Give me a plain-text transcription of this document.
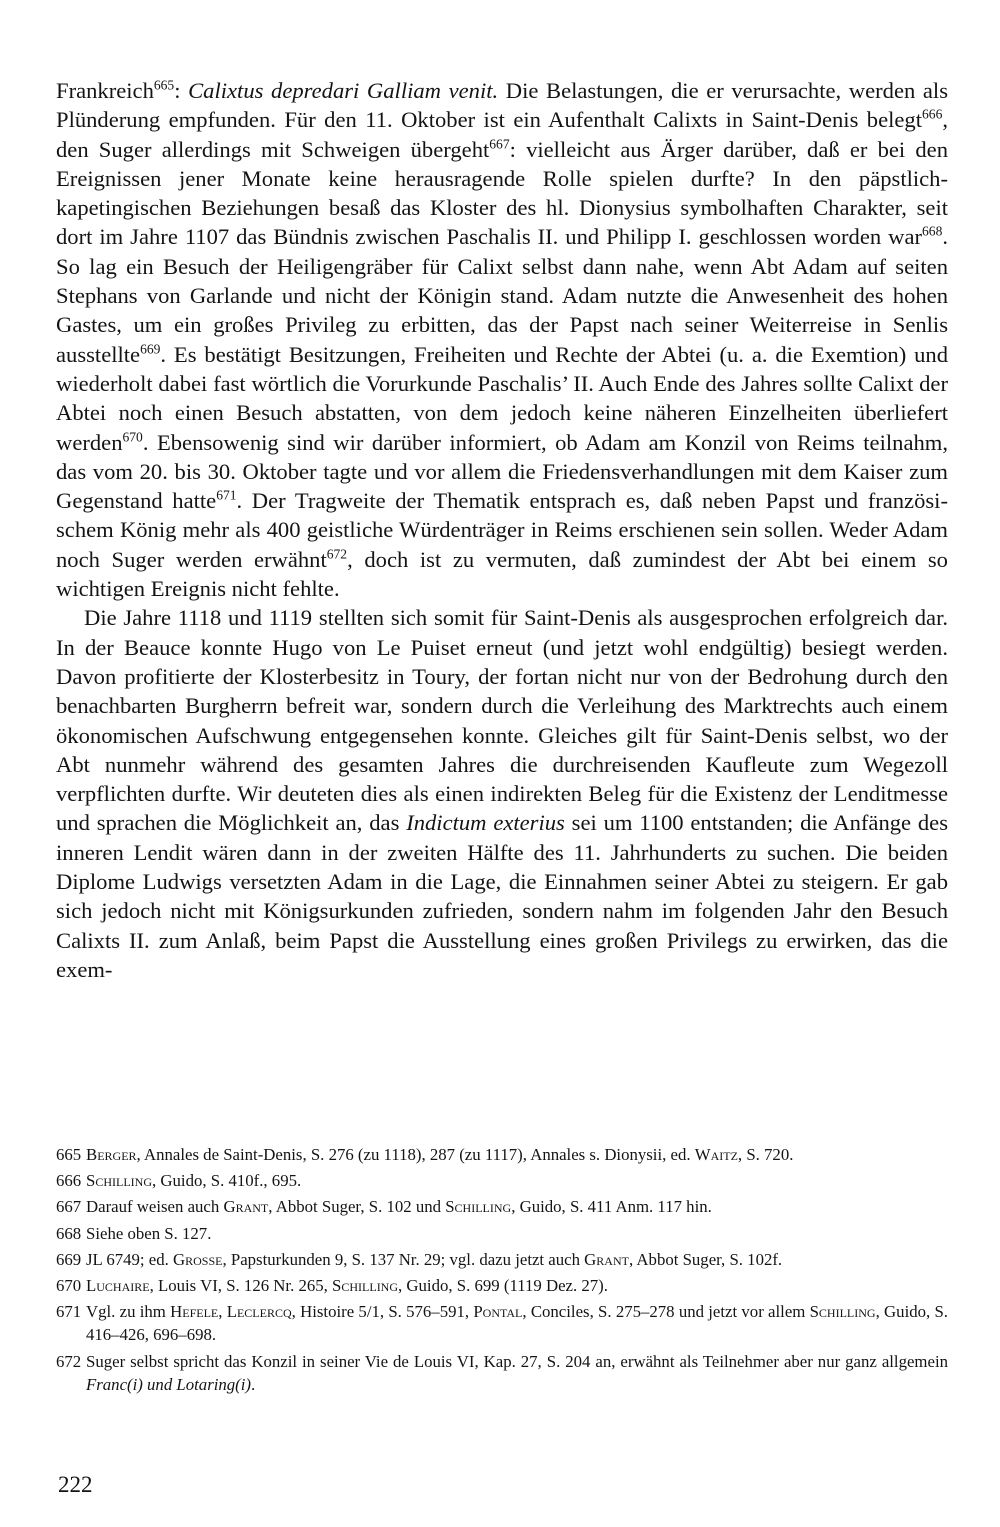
Frankreich$^{665}$: Calixtus depredari Galliam venit. Die Belastungen, die er verursachte, werden als Plünderung empfunden. Für den 11. Oktober ist ein Aufenthalt Calixts in Saint-Denis belegt$^{666}$, den Suger allerdings mit Schweigen übergeht$^{667}$: vielleicht aus Ärger darüber, daß er bei den Ereignissen jener Monate keine herausragende Rolle spielen durfte? In den päpstlich-kapetingischen Beziehungen besaß das Kloster des hl. Dionysius symbolhaften Charakter, seit dort im Jahre 1107 das Bündnis zwischen Paschalis II. und Philipp I. geschlossen worden war$^{668}$. So lag ein Besuch der Heiligengräber für Calixt selbst dann nahe, wenn Abt Adam auf seiten Stephans von Garlande und nicht der Königin stand. Adam nutzte die Anwesenheit des hohen Gastes, um ein großes Privileg zu erbitten, das der Papst nach seiner Weiterreise in Senlis ausstellte$^{669}$. Es bestätigt Besitzungen, Freiheiten und Rechte der Abtei (u. a. die Exemtion) und wiederholt dabei fast wörtlich die Vorurkunde Paschalis’ II. Auch Ende des Jahres sollte Calixt der Abtei noch einen Besuch abstatten, von dem jedoch keine näheren Einzelheiten überliefert werden$^{670}$. Ebensowenig sind wir darüber informiert, ob Adam am Konzil von Reims teilnahm, das vom 20. bis 30. Oktober tagte und vor allem die Friedensverhandlungen mit dem Kaiser zum Gegenstand hatte$^{671}$. Der Tragweite der Thematik entsprach es, daß neben Papst und französischem König mehr als 400 geistliche Würdenträger in Reims erschienen sein sollen. Weder Adam noch Suger werden erwähnt$^{672}$, doch ist zu vermuten, daß zumindest der Abt bei einem so wichtigen Ereignis nicht fehlte.

Die Jahre 1118 und 1119 stellten sich somit für Saint-Denis als ausgesprochen erfolgreich dar. In der Beauce konnte Hugo von Le Puiset erneut (und jetzt wohl endgültig) besiegt werden. Davon profitierte der Klosterbesitz in Toury, der fortan nicht nur von der Bedrohung durch den benachbarten Burgherrn befreit war, sondern durch die Verleihung des Marktrechts auch einem ökonomischen Aufschwung entgegensehen konnte. Gleiches gilt für Saint-Denis selbst, wo der Abt nunmehr während des gesamten Jahres die durchreisenden Kaufleute zum Wegezoll verpflichten durfte. Wir deuteten dies als einen indirekten Beleg für die Existenz der Lenditmesse und sprachen die Möglichkeit an, das Indictum exterius sei um 1100 entstanden; die Anfänge des inneren Lendit wären dann in der zweiten Hälfte des 11. Jahrhunderts zu suchen. Die beiden Diplome Ludwigs versetzten Adam in die Lage, die Einnahmen seiner Abtei zu steigern. Er gab sich jedoch nicht mit Königsurkunden zufrieden, sondern nahm im folgenden Jahr den Besuch Calixts II. zum Anlaß, beim Papst die Ausstellung eines großen Privilegs zu erwirken, das die exem-

665 Berger, Annales de Saint-Denis, S. 276 (zu 1118), 287 (zu 1117), Annales s. Dionysii, ed. Waitz, S. 720.
666 Schilling, Guido, S. 410f., 695.
667 Darauf weisen auch Grant, Abbot Suger, S. 102 und Schilling, Guido, S. 411 Anm. 117 hin.
668 Siehe oben S. 127.
669 JL 6749; ed. Grosse, Papsturkunden 9, S. 137 Nr. 29; vgl. dazu jetzt auch Grant, Abbot Suger, S. 102f.
670 Luchaire, Louis VI, S. 126 Nr. 265, Schilling, Guido, S. 699 (1119 Dez. 27).
671 Vgl. zu ihm Hefele, Leclercq, Histoire 5/1, S. 576–591, Pontal, Conciles, S. 275–278 und jetzt vor allem Schilling, Guido, S. 416–426, 696–698.
672 Suger selbst spricht das Konzil in seiner Vie de Louis VI, Kap. 27, S. 204 an, erwähnt als Teilnehmer aber nur ganz allgemein Franc(i) und Lotaring(i).
222
